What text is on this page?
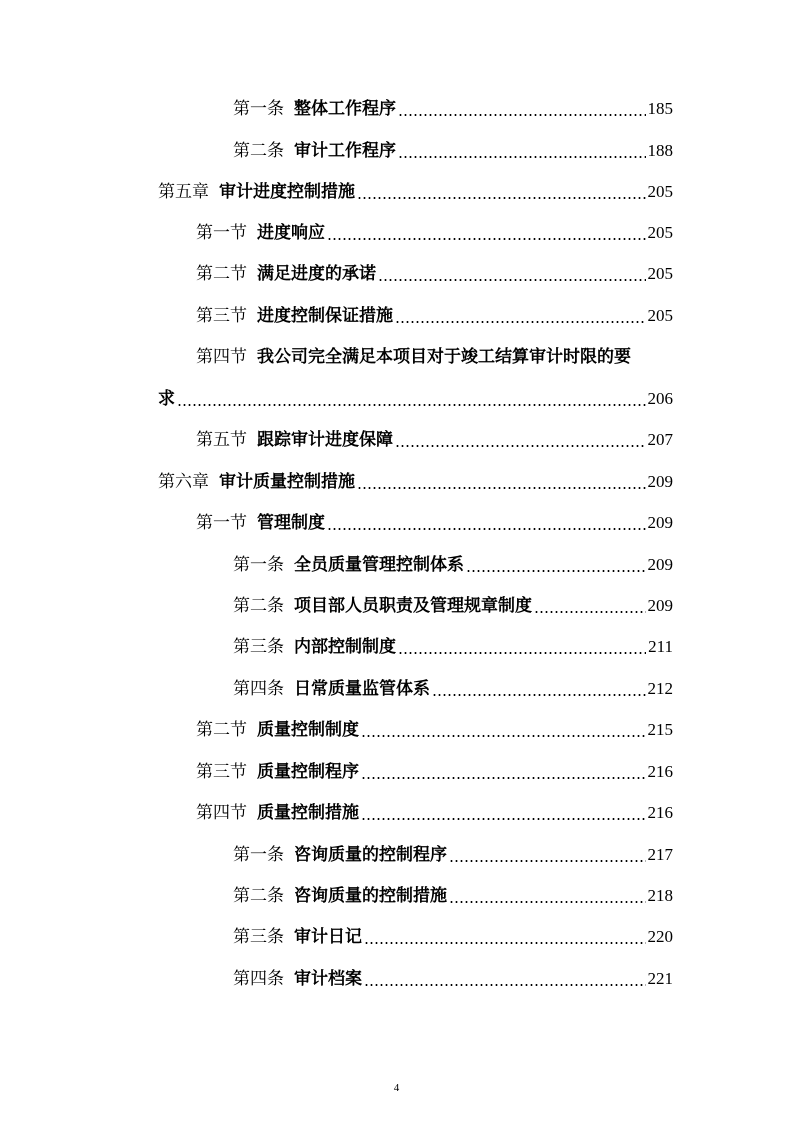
第一条 整体工作程序	185
第二条 审计工作程序	188
第五章 审计进度控制措施	205
第一节 进度响应	205
第二节 满足进度的承诺	205
第三节 进度控制保证措施	205
第四节 我公司完全满足本项目对于竣工结算审计时限的要
求	206
第五节 跟踪审计进度保障	207
第六章 审计质量控制措施	209
第一节 管理制度	209
第一条 全员质量管理控制体系	209
第二条 项目部人员职责及管理规章制度	209
第三条 内部控制制度	211
第四条 日常质量监管体系	212
第二节 质量控制制度	215
第三节 质量控制程序	216
第四节 质量控制措施	216
第一条 咨询质量的控制程序	217
第二条 咨询质量的控制措施	218
第三条 审计日记	220
第四条 审计档案	221
4
